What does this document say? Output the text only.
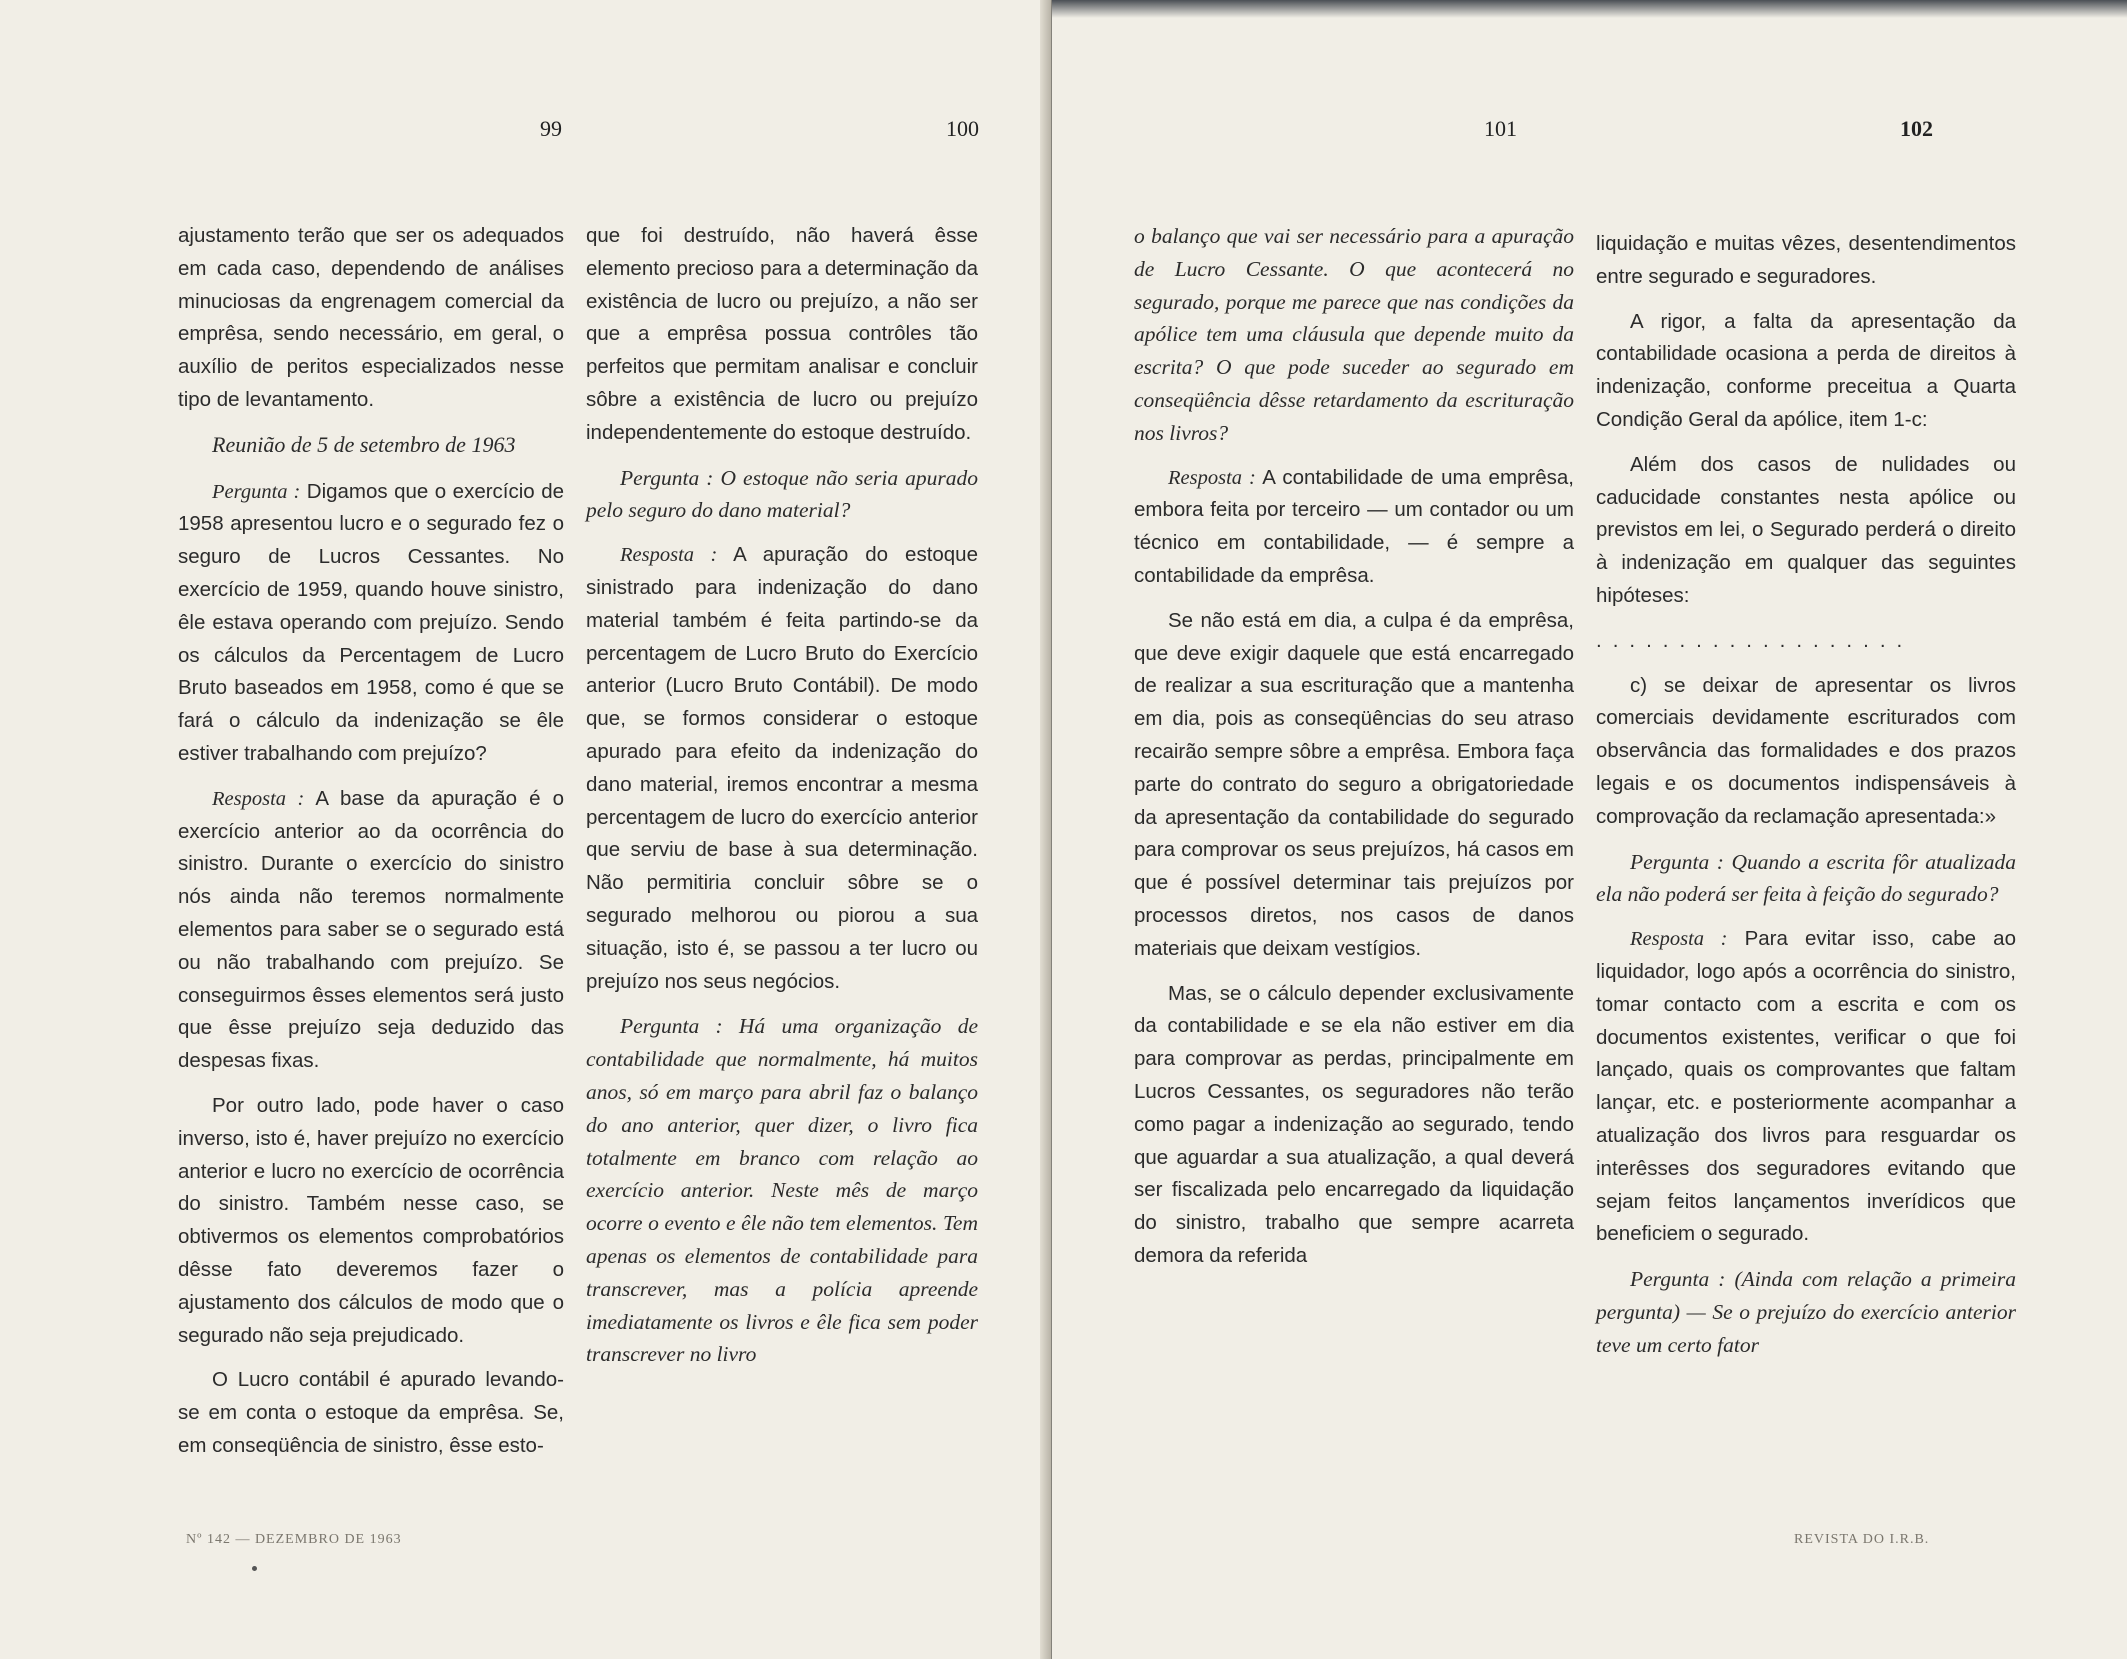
99	100

ajustamento terão que ser os adequados em cada caso, dependendo de análises minuciosas da engrenagem comercial da emprêsa, sendo necessário, em geral, o auxílio de peritos especializados nesse tipo de levantamento.

Reunião de 5 de setembro de 1963

Pergunta : Digamos que o exercício de 1958 apresentou lucro e o segurado fez o seguro de Lucros Cessantes. No exercício de 1959, quando houve sinistro, êle estava operando com prejuízo. Sendo os cálculos da Percentagem de Lucro Bruto baseados em 1958, como é que se fará o cálculo da indenização se êle estiver trabalhando com prejuízo?

Resposta : A base da apuração é o exercício anterior ao da ocorrência do sinistro. Durante o exercício do sinistro nós ainda não teremos normalmente elementos para saber se o segurado está ou não trabalhando com prejuízo. Se conseguirmos êsses elementos será justo que êsse prejuízo seja deduzido das despesas fixas.

Por outro lado, pode haver o caso inverso, isto é, haver prejuízo no exercício anterior e lucro no exercício de ocorrência do sinistro. Também nesse caso, se obtivermos os elementos comprobatórios dêsse fato deveremos fazer o ajustamento dos cálculos de modo que o segurado não seja prejudicado.

O Lucro contábil é apurado levando-se em conta o estoque da emprêsa. Se, em conseqüência de sinistro, êsse esto-

que foi destruído, não haverá êsse elemento precioso para a determinação da existência de lucro ou prejuízo, a não ser que a emprêsa possua contrôles tão perfeitos que permitam analisar e concluir sôbre a existência de lucro ou prejuízo independentemente do estoque destruído.

Pergunta : O estoque não seria apurado pelo seguro do dano material?

Resposta : A apuração do estoque sinistrado para indenização do dano material também é feita partindo-se da percentagem de Lucro Bruto do Exercício anterior (Lucro Bruto Contábil). De modo que, se formos considerar o estoque apurado para efeito da indenização do dano material, iremos encontrar a mesma percentagem de lucro do exercício anterior que serviu de base à sua determinação. Não permitiria concluir sôbre se o segurado melhorou ou piorou a sua situação, isto é, se passou a ter lucro ou prejuízo nos seus negócios.

Pergunta : Há uma organização de contabilidade que normalmente, há muitos anos, só em março para abril faz o balanço do ano anterior, quer dizer, o livro fica totalmente em branco com relação ao exercício anterior. Neste mês de março ocorre o evento e êle não tem elementos. Tem apenas os elementos de contabilidade para transcrever, mas a polícia apreende imediatamente os livros e êle fica sem poder transcrever no livro

Nº 142 — DEZEMBRO DE 1963
101	102

o balanço que vai ser necessário para a apuração de Lucro Cessante. O que acontecerá no segurado, porque me parece que nas condições da apólice tem uma cláusula que depende muito da escrita? O que pode suceder ao segurado em conseqüência dêsse retardamento da escrituração nos livros?

Resposta : A contabilidade de uma emprêsa, embora feita por terceiro — um contador ou um técnico em contabilidade, — é sempre a contabilidade da emprêsa.

Se não está em dia, a culpa é da emprêsa, que deve exigir daquele que está encarregado de realizar a sua escrituração que a mantenha em dia, pois as conseqüências do seu atraso recairão sempre sôbre a emprêsa. Embora faça parte do contrato do seguro a obrigatoriedade da apresentação da contabilidade do segurado para comprovar os seus prejuízos, há casos em que é possível determinar tais prejuízos por processos diretos, nos casos de danos materiais que deixam vestígios.

Mas, se o cálculo depender exclusivamente da contabilidade e se ela não estiver em dia para comprovar as perdas, principalmente em Lucros Cessantes, os seguradores não terão como pagar a indenização ao segurado, tendo que aguardar a sua atualização, a qual deverá ser fiscalizada pelo encarregado da liquidação do sinistro, trabalho que sempre acarreta demora da referida

liquidação e muitas vêzes, desentendimentos entre segurado e seguradores.

A rigor, a falta da apresentação da contabilidade ocasiona a perda de direitos à indenização, conforme preceitua a Quarta Condição Geral da apólice, item 1-c:

Além dos casos de nulidades ou caducidade constantes nesta apólice ou previstos em lei, o Segurado perderá o direito à indenização em qualquer das seguintes hipóteses:

...................

c) se deixar de apresentar os livros comerciais devidamente escriturados com observância das formalidades e dos prazos legais e os documentos indispensáveis à comprovação da reclamação apresentada:»

Pergunta : Quando a escrita fôr atualizada ela não poderá ser feita à feição do segurado?

Resposta : Para evitar isso, cabe ao liquidador, logo após a ocorrência do sinistro, tomar contacto com a escrita e com os documentos existentes, verificar o que foi lançado, quais os comprovantes que faltam lançar, etc. e posteriormente acompanhar a atualização dos livros para resguardar os interêsses dos seguradores evitando que sejam feitos lançamentos inverídicos que beneficiem o segurado.

Pergunta : (Ainda com relação a primeira pergunta) — Se o prejuízo do exercício anterior teve um certo fator

REVISTA DO I.R.B.
